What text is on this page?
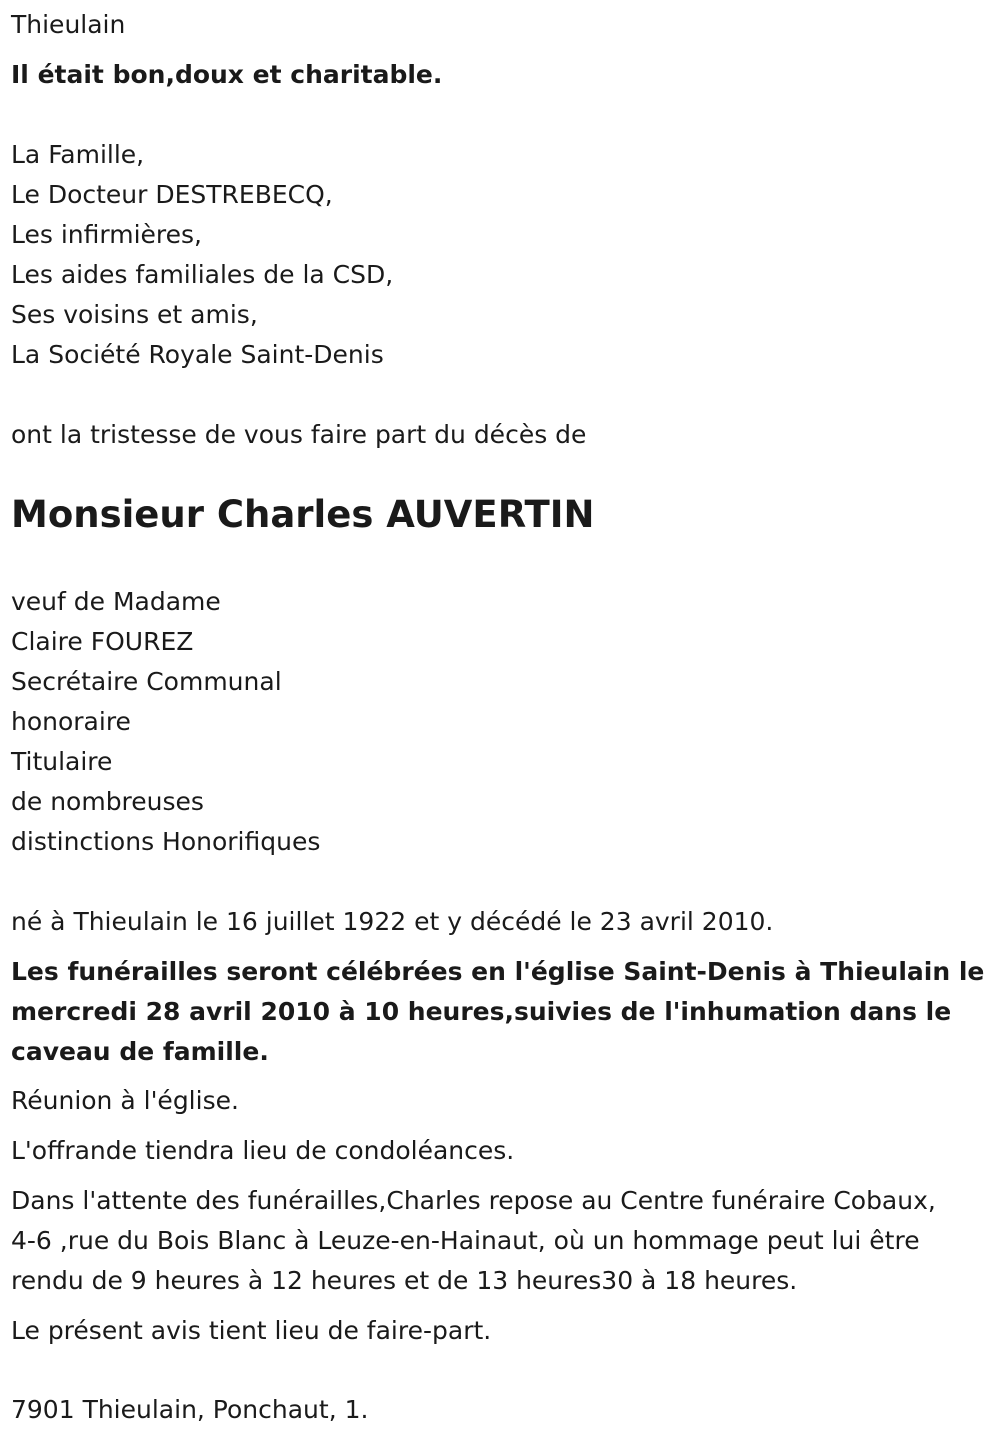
Thieulain

Il était bon,doux et charitable.

La Famille,

Le Docteur DESTREBECQ,

Les infirmières,

Les aides familiales de la CSD,

Ses voisins et amis,

La Société Royale Saint-Denis

ont la tristesse de vous faire part du décès de

Monsieur Charles AUVERTIN

veuf de Madame

Claire FOUREZ

Secrétaire Communal

honoraire

Titulaire

de nombreuses

distinctions Honorifiques

né à Thieulain le 16 juillet 1922 et y décédé le 23 avril 2010.

Les funérailles seront célébrées en l'église Saint-Denis à Thieulain le

mercredi 28 avril 2010 à 10 heures,suivies de l'inhumation dans le

caveau de famille.

Réunion à l'église.

L'offrande tiendra lieu de condoléances.

Dans l'attente des funérailles,Charles repose au Centre funéraire Cobaux,

4-6 ,rue du Bois Blanc à Leuze-en-Hainaut, où un hommage peut lui être

rendu de 9 heures à 12 heures et de 13 heures30 à 18 heures.

Le présent avis tient lieu de faire-part.

7901 Thieulain, Ponchaut, 1.
